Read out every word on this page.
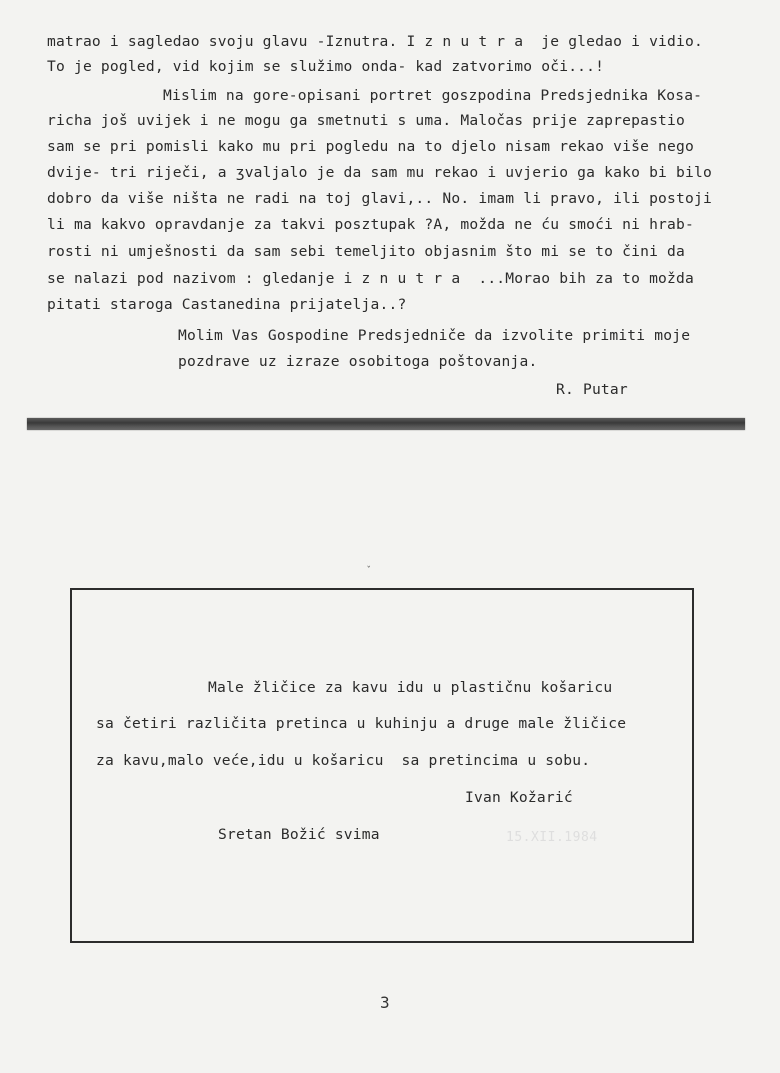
matrao i sagledao svoju glavu -Iznutra. I z n u t r a  je gledao i vidio.
To je pogled, vid kojim se služimo onda- kad zatvorimo oči...!
Mislim na gore-opisani portret goszpodina Predsjednika Kosa-
richa još uvijek i ne mogu ga smetnuti s uma. Maločas prije zaprepastio
sam se pri pomisli kako mu pri pogledu na to djelo nisam rekao više nego
dvije- tri riječi, a ʒvaljalo je da sam mu rekao i uvjerio ga kako bi bilo
dobro da više ništa ne radi na toj glavi,.. No. imam li pravo, ili postoji
li ma kakvo opravdanje za takvi posztupak ?A, možda ne ću smoći ni hrab-
rosti ni umješnosti da sam sebi temeljito objasnim što mi se to čini da
se nalazi pod nazivom : gledanje i z n u t r a  ...Morao bih za to možda
pitati staroga Castanedina prijatelja..?
Molim Vas Gospodine Predsjedniče da izvolite primiti moje
pozdrave uz izraze osobitoga poštovanja.
R. Putar
ˇ
Male žličice za kavu idu u plastičnu košaricu
sa četiri različita pretinca u kuhinju a druge male žličice
za kavu,malo veće,idu u košaricu  sa pretincima u sobu.
Ivan Kožarić
Sretan Božić svima	15.XII.1984
3
